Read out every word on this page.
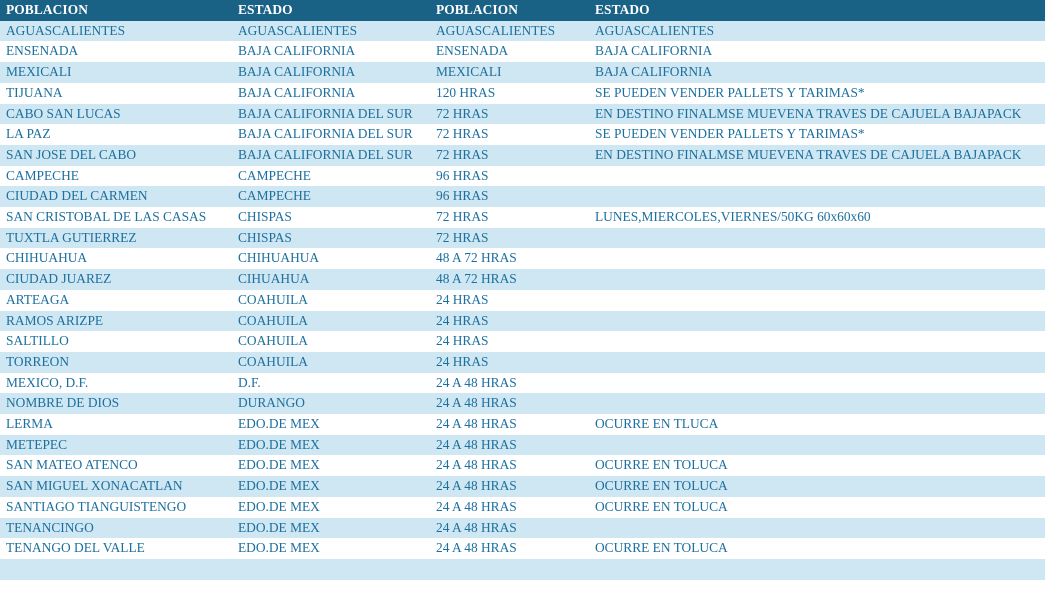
POBLACION	ESTADO	POBLACION	ESTADO
AGUASCALIENTES	AGUASCALIENTES	AGUASCALIENTES	AGUASCALIENTES
ENSENADA	BAJA CALIFORNIA	ENSENADA	BAJA CALIFORNIA
MEXICALI	BAJA CALIFORNIA	MEXICALI	BAJA CALIFORNIA
TIJUANA	BAJA CALIFORNIA	120 HRAS	SE PUEDEN VENDER PALLETS Y TARIMAS*
CABO SAN LUCAS	BAJA CALIFORNIA DEL SUR	72 HRAS	EN DESTINO FINALMSE MUEVENA TRAVES DE CAJUELA BAJAPACK
LA PAZ	BAJA CALIFORNIA DEL SUR	72 HRAS	SE PUEDEN VENDER PALLETS Y TARIMAS*
SAN JOSE DEL CABO	BAJA CALIFORNIA DEL SUR	72 HRAS	EN DESTINO FINALMSE MUEVENA TRAVES DE CAJUELA BAJAPACK
CAMPECHE	CAMPECHE	96 HRAS	
CIUDAD DEL CARMEN	CAMPECHE	96 HRAS	
SAN CRISTOBAL DE LAS CASAS	CHISPAS	72 HRAS	LUNES,MIERCOLES,VIERNES/50KG 60x60x60
TUXTLA GUTIERREZ	CHISPAS	72 HRAS	
CHIHUAHUA	CHIHUAHUA	48 A 72 HRAS	
CIUDAD JUAREZ	CIHUAHUA	48 A 72 HRAS	
ARTEAGA	COAHUILA	24 HRAS	
RAMOS ARIZPE	COAHUILA	24 HRAS	
SALTILLO	COAHUILA	24 HRAS	
TORREON	COAHUILA	24 HRAS	
MEXICO, D.F.	D.F.	24 A 48 HRAS	
NOMBRE DE DIOS	DURANGO	24 A 48 HRAS	
LERMA	EDO.DE MEX	24 A 48 HRAS	OCURRE EN TLUCA
METEPEC	EDO.DE MEX	24 A 48 HRAS	
SAN MATEO ATENCO	EDO.DE MEX	24 A 48 HRAS	OCURRE EN TOLUCA
SAN MIGUEL XONACATLAN	EDO.DE MEX	24 A 48 HRAS	OCURRE EN TOLUCA
SANTIAGO TIANGUISTENGO	EDO.DE MEX	24 A 48 HRAS	OCURRE EN TOLUCA
TENANCINGO	EDO.DE MEX	24 A 48 HRAS	
TENANGO DEL VALLE	EDO.DE MEX	24 A 48 HRAS	OCURRE EN TOLUCA
